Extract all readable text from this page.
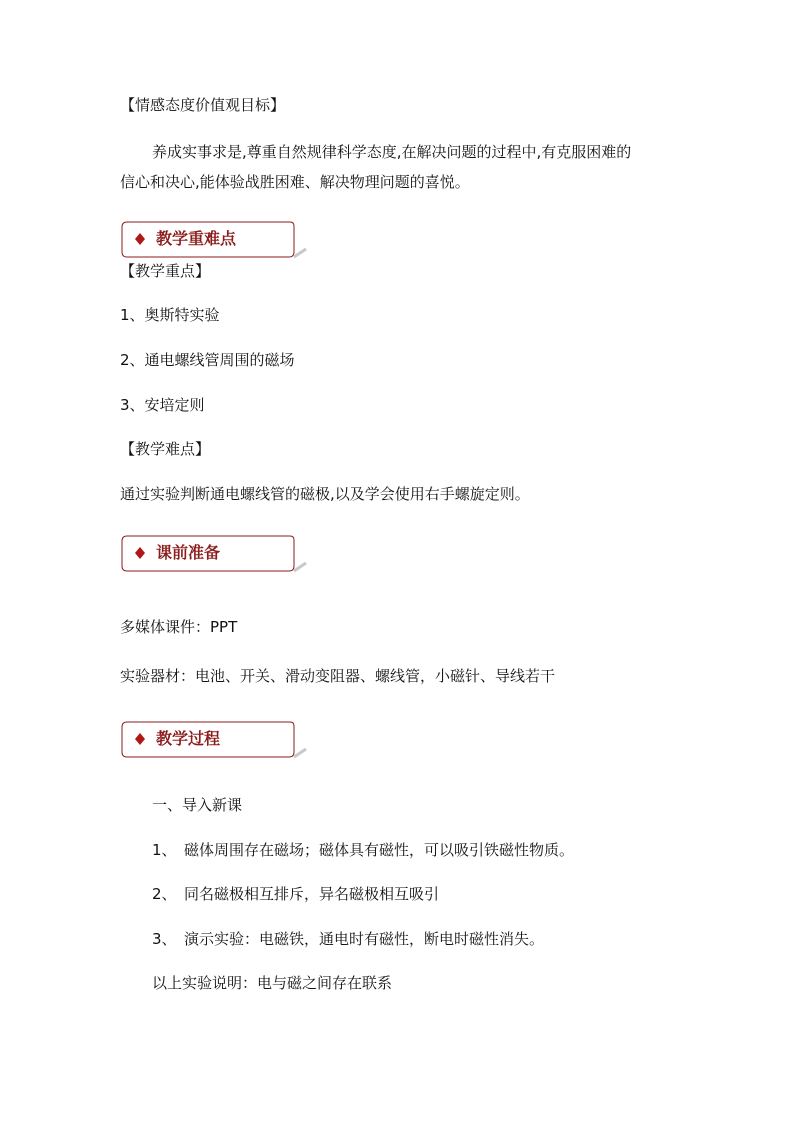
【情感态度价值观目标】
养成实事求是,尊重自然规律科学态度,在解决问题的过程中,有克服困难的
信心和决心,能体验战胜困难、解决物理问题的喜悦。
教学重难点
【教学重点】
1、奥斯特实验
2、通电螺线管周围的磁场
3、安培定则
【教学难点】
通过实验判断通电螺线管的磁极,以及学会使用右手螺旋定则。
课前准备
多媒体课件：PPT
实验器材：电池、开关、滑动变阻器、螺线管，小磁针、导线若干
教学过程
一、导入新课
1、 磁体周围存在磁场；磁体具有磁性，可以吸引铁磁性物质。
2、 同名磁极相互排斥，异名磁极相互吸引
3、 演示实验：电磁铁，通电时有磁性，断电时磁性消失。
以上实验说明：电与磁之间存在联系
